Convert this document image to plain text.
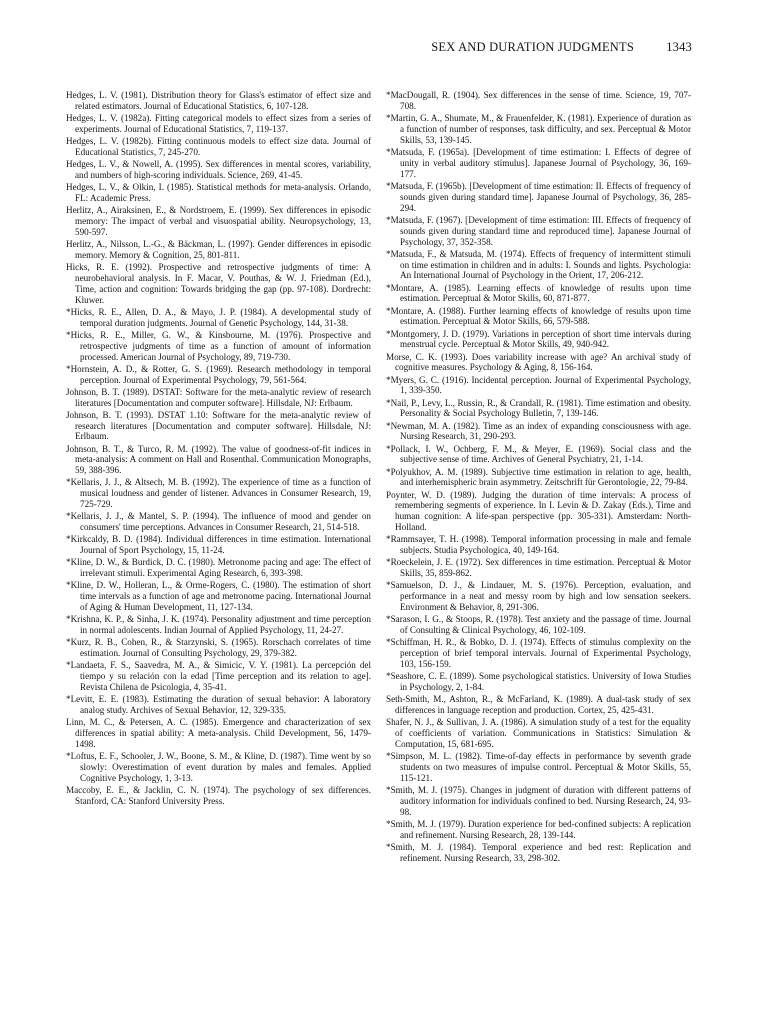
SEX AND DURATION JUDGMENTS	1343

Hedges, L. V. (1981). Distribution theory for Glass's estimator of effect size and related estimators. Journal of Educational Statistics, 6, 107-128.

Hedges, L. V. (1982a). Fitting categorical models to effect sizes from a series of experiments. Journal of Educational Statistics, 7, 119-137.

Hedges, L. V. (1982b). Fitting continuous models to effect size data. Journal of Educational Statistics, 7, 245-270.

Hedges, L. V., & Nowell, A. (1995). Sex differences in mental scores, variability, and numbers of high-scoring individuals. Science, 269, 41-45.

Hedges, L. V., & Olkin, I. (1985). Statistical methods for meta-analysis. Orlando, FL: Academic Press.

Herlitz, A., Airaksinen, E., & Nordstroem, E. (1999). Sex differences in episodic memory: The impact of verbal and visuospatial ability. Neuropsychology, 13, 590-597.

Herlitz, A., Nilsson, L.-G., & Bäckman, L. (1997). Gender differences in episodic memory. Memory & Cognition, 25, 801-811.

Hicks, R. E. (1992). Prospective and retrospective judgments of time: A neurobehavioral analysis. In F. Macar, V. Pouthas, & W. J. Friedman (Ed.), Time, action and cognition: Towards bridging the gap (pp. 97-108). Dordrecht: Kluwer.

*Hicks, R. E., Allen, D. A., & Mayo, J. P. (1984). A developmental study of temporal duration judgments. Journal of Genetic Psychology, 144, 31-38.

*Hicks, R. E., Miller, G. W., & Kinsbourne, M. (1976). Prospective and retrospective judgments of time as a function of amount of information processed. American Journal of Psychology, 89, 719-730.

*Hornstein, A. D., & Rotter, G. S. (1969). Research methodology in temporal perception. Journal of Experimental Psychology, 79, 561-564.

Johnson, B. T. (1989). DSTAT: Software for the meta-analytic review of research literatures [Documentation and computer software]. Hillsdale, NJ: Erlbaum.

Johnson, B. T. (1993). DSTAT 1.10: Software for the meta-analytic review of research literatures [Documentation and computer software]. Hillsdale, NJ: Erlbaum.

Johnson, B. T., & Turco, R. M. (1992). The value of goodness-of-fit indices in meta-analysis: A comment on Hall and Rosenthal. Communication Monographs, 59, 388-396.

*Kellaris, J. J., & Altsech, M. B. (1992). The experience of time as a function of musical loudness and gender of listener. Advances in Consumer Research, 19, 725-729.

*Kellaris, J. J., & Mantel, S. P. (1994). The influence of mood and gender on consumers' time perceptions. Advances in Consumer Research, 21, 514-518.

*Kirkcaldy, B. D. (1984). Individual differences in time estimation. International Journal of Sport Psychology, 15, 11-24.

*Kline, D. W., & Burdick, D. C. (1980). Metronome pacing and age: The effect of irrelevant stimuli. Experimental Aging Research, 6, 393-398.

*Kline, D. W., Holleran, L., & Orme-Rogers, C. (1980). The estimation of short time intervals as a function of age and metronome pacing. International Journal of Aging & Human Development, 11, 127-134.

*Krishna, K. P., & Sinha, J. K. (1974). Personality adjustment and time perception in normal adolescents. Indian Journal of Applied Psychology, 11, 24-27.

*Kurz, R. B., Cohen, R., & Starzynski, S. (1965). Rorschach correlates of time estimation. Journal of Consulting Psychology, 29, 379-382.

*Landaeta, F. S., Saavedra, M. A., & Simicic, V. Y. (1981). La percepción del tiempo y su relación con la edad [Time perception and its relation to age]. Revista Chilena de Psicologia, 4, 35-41.

*Levitt, E. E. (1983). Estimating the duration of sexual behavior: A laboratory analog study. Archives of Sexual Behavior, 12, 329-335.

Linn, M. C., & Petersen, A. C. (1985). Emergence and characterization of sex differences in spatial ability: A meta-analysis. Child Development, 56, 1479-1498.

*Loftus, E. F., Schooler, J. W., Boone, S. M., & Kline, D. (1987). Time went by so slowly: Overestimation of event duration by males and females. Applied Cognitive Psychology, 1, 3-13.

Maccoby, E. E., & Jacklin, C. N. (1974). The psychology of sex differences. Stanford, CA: Stanford University Press.

*MacDougall, R. (1904). Sex differences in the sense of time. Science, 19, 707-708.

*Martin, G. A., Shumate, M., & Frauenfelder, K. (1981). Experience of duration as a function of number of responses, task difficulty, and sex. Perceptual & Motor Skills, 53, 139-145.

*Matsuda, F. (1965a). [Development of time estimation: I. Effects of degree of unity in verbal auditory stimulus]. Japanese Journal of Psychology, 36, 169-177.

*Matsuda, F. (1965b). [Development of time estimation: II. Effects of frequency of sounds given during standard time]. Japanese Journal of Psychology, 36, 285-294.

*Matsuda, F. (1967). [Development of time estimation: III. Effects of frequency of sounds given during standard time and reproduced time]. Japanese Journal of Psychology, 37, 352-358.

*Matsuda, F., & Matsuda, M. (1974). Effects of frequency of intermittent stimuli on time estimation in children and in adults: I. Sounds and lights. Psychologia: An International Journal of Psychology in the Orient, 17, 206-212.

*Montare, A. (1985). Learning effects of knowledge of results upon time estimation. Perceptual & Motor Skills, 60, 871-877.

*Montare, A. (1988). Further learning effects of knowledge of results upon time estimation. Perceptual & Motor Skills, 66, 579-588.

*Montgomery, J. D. (1979). Variations in perception of short time intervals during menstrual cycle. Perceptual & Motor Skills, 49, 940-942.

Morse, C. K. (1993). Does variability increase with age? An archival study of cognitive measures. Psychology & Aging, 8, 156-164.

*Myers, G. C. (1916). Incidental perception. Journal of Experimental Psychology, 1, 339-350.

*Nail, P., Levy, L., Russin, R., & Crandall, R. (1981). Time estimation and obesity. Personality & Social Psychology Bulletin, 7, 139-146.

*Newman, M. A. (1982). Time as an index of expanding consciousness with age. Nursing Research, 31, 290-293.

*Pollack, I. W., Ochberg, F. M., & Meyer, E. (1969). Social class and the subjective sense of time. Archives of General Psychiatry, 21, 1-14.

*Polyukhov, A. M. (1989). Subjective time estimation in relation to age, health, and interhemispheric brain asymmetry. Zeitschrift für Gerontologie, 22, 79-84.

Poynter, W. D. (1989). Judging the duration of time intervals: A process of remembering segments of experience. In I. Levin & D. Zakay (Eds.), Time and human cognition: A life-span perspective (pp. 305-331). Amsterdam: North-Holland.

*Rammsayer, T. H. (1998). Temporal information processing in male and female subjects. Studia Psychologica, 40, 149-164.

*Roeckelein, J. E. (1972). Sex differences in time estimation. Perceptual & Motor Skills, 35, 859-862.

*Samuelson, D. J., & Lindauer, M. S. (1976). Perception, evaluation, and performance in a neat and messy room by high and low sensation seekers. Environment & Behavior, 8, 291-306.

*Sarason, I. G., & Stoops, R. (1978). Test anxiety and the passage of time. Journal of Consulting & Clinical Psychology, 46, 102-109.

*Schiffman, H. R., & Bobko, D. J. (1974). Effects of stimulus complexity on the perception of brief temporal intervals. Journal of Experimental Psychology, 103, 156-159.

*Seashore, C. E. (1899). Some psychological statistics. University of Iowa Studies in Psychology, 2, 1-84.

Seth-Smith, M., Ashton, R., & McFarland, K. (1989). A dual-task study of sex differences in language reception and production. Cortex, 25, 425-431.

Shafer, N. J., & Sullivan, J. A. (1986). A simulation study of a test for the equality of coefficients of variation. Communications in Statistics: Simulation & Computation, 15, 681-695.

*Simpson, M. L. (1982). Time-of-day effects in performance by seventh grade students on two measures of impulse control. Perceptual & Motor Skills, 55, 115-121.

*Smith, M. J. (1975). Changes in judgment of duration with different patterns of auditory information for individuals confined to bed. Nursing Research, 24, 93-98.

*Smith, M. J. (1979). Duration experience for bed-confined subjects: A replication and refinement. Nursing Research, 28, 139-144.

*Smith, M. J. (1984). Temporal experience and bed rest: Replication and refinement. Nursing Research, 33, 298-302.
